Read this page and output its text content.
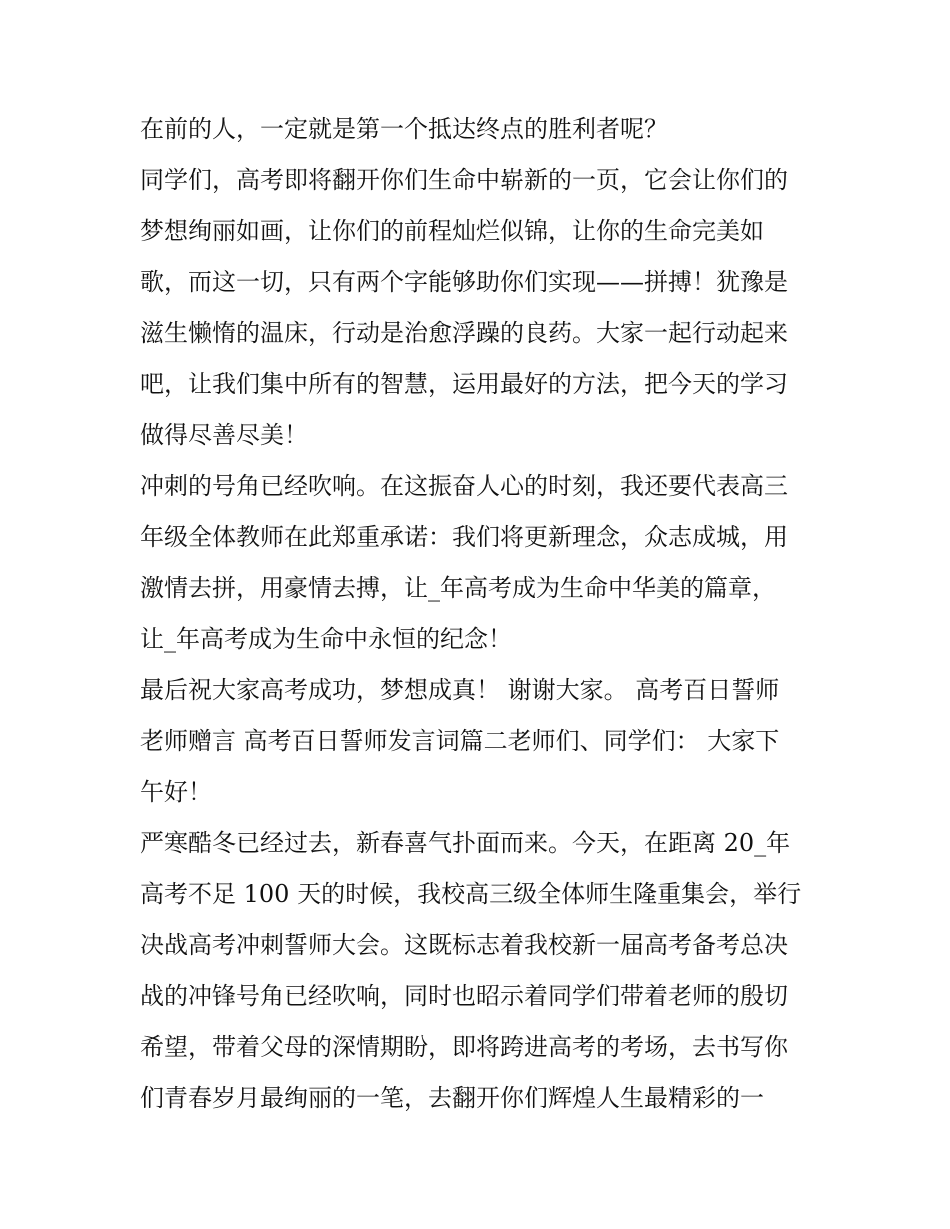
在前的人，一定就是第一个抵达终点的胜利者呢？
同学们，高考即将翻开你们生命中崭新的一页，它会让你们的
梦想绚丽如画，让你们的前程灿烂似锦，让你的生命完美如
歌，而这一切，只有两个字能够助你们实现——拼搏！犹豫是
滋生懒惰的温床，行动是治愈浮躁的良药。大家一起行动起来
吧，让我们集中所有的智慧，运用最好的方法，把今天的学习
做得尽善尽美！
冲刺的号角已经吹响。在这振奋人心的时刻，我还要代表高三
年级全体教师在此郑重承诺：我们将更新理念，众志成城，用
激情去拼，用豪情去搏，让_年高考成为生命中华美的篇章，
让_年高考成为生命中永恒的纪念！
最后祝大家高考成功，梦想成真！ 谢谢大家。 高考百日誓师
老师赠言 高考百日誓师发言词篇二老师们、同学们： 大家下
午好！
严寒酷冬已经过去，新春喜气扑面而来。今天，在距离 20_年
高考不足 100 天的时候，我校高三级全体师生隆重集会，举行
决战高考冲刺誓师大会。这既标志着我校新一届高考备考总决
战的冲锋号角已经吹响，同时也昭示着同学们带着老师的殷切
希望，带着父母的深情期盼，即将跨进高考的考场，去书写你
们青春岁月最绚丽的一笔，去翻开你们辉煌人生最精彩的一
